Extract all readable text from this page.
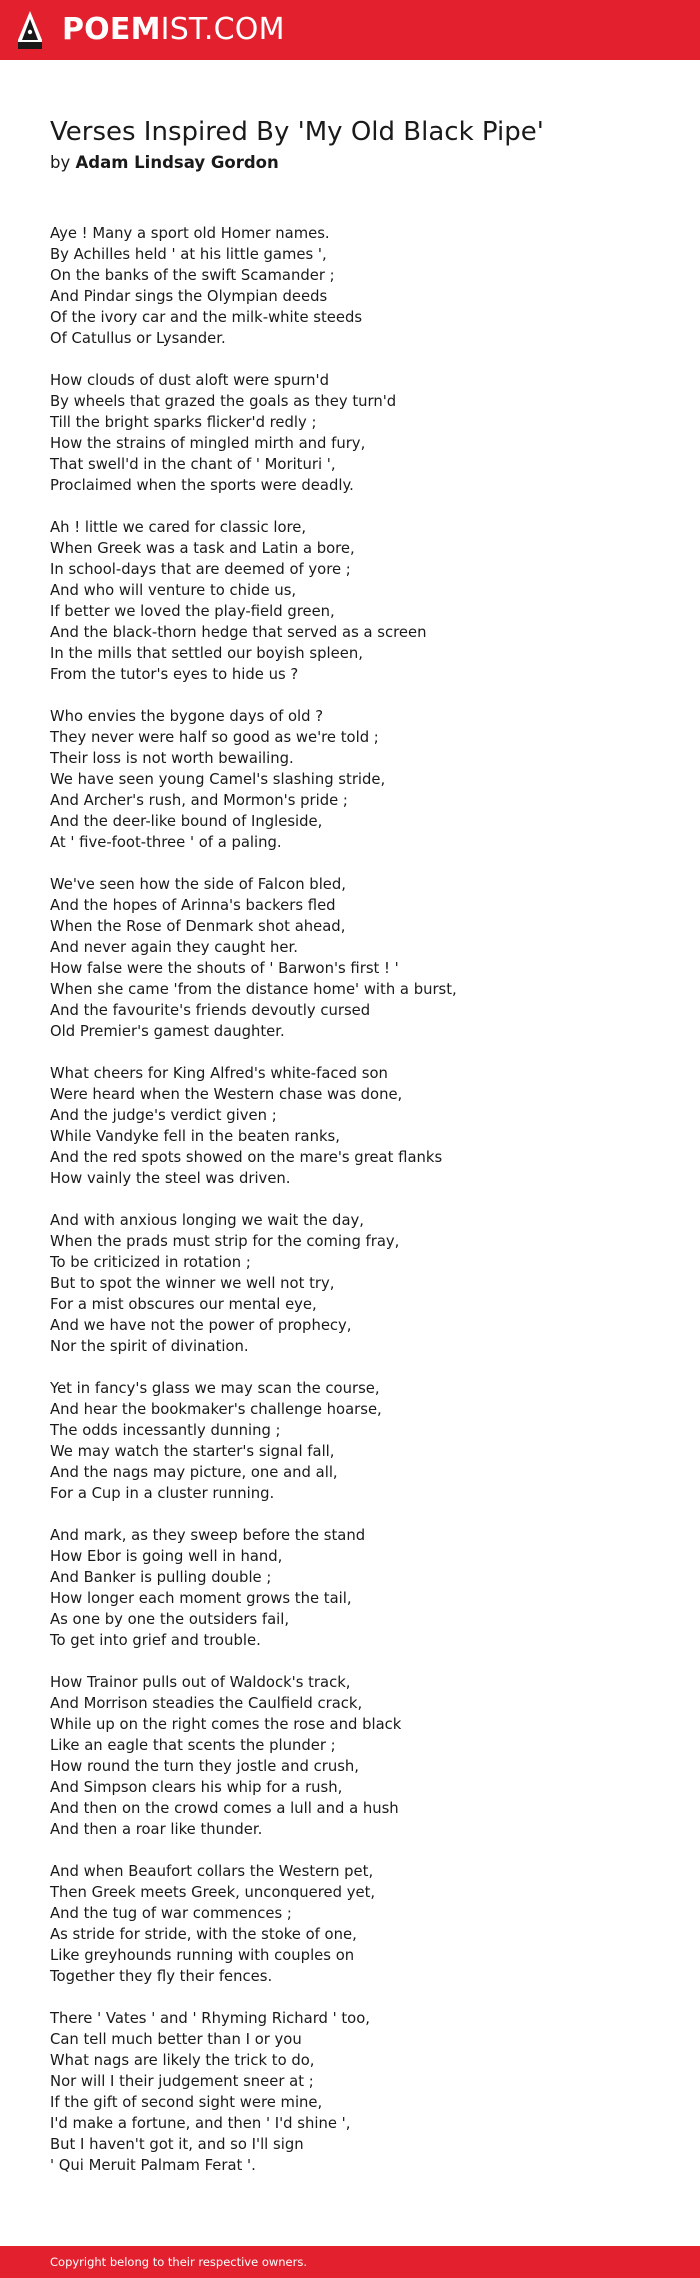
POEMIST.COM
Verses Inspired By 'My Old Black Pipe'
by Adam Lindsay Gordon
Aye ! Many a sport old Homer names.
By Achilles held ' at his little games ',
On the banks of the swift Scamander ;
And Pindar sings the Olympian deeds
Of the ivory car and the milk-white steeds
Of Catullus or Lysander.
How clouds of dust aloft were spurn'd
By wheels that grazed the goals as they turn'd
Till the bright sparks flicker'd redly ;
How the strains of mingled mirth and fury,
That swell'd in the chant of ' Morituri ',
Proclaimed when the sports were deadly.
Ah ! little we cared for classic lore,
When Greek was a task and Latin a bore,
In school-days that are deemed of yore ;
And who will venture to chide us,
If better we loved the play-field green,
And the black-thorn hedge that served as a screen
In the mills that settled our boyish spleen,
From the tutor's eyes to hide us ?
Who envies the bygone days of old ?
They never were half so good as we're told ;
Their loss is not worth bewailing.
We have seen young Camel's slashing stride,
And Archer's rush, and Mormon's pride ;
And the deer-like bound of Ingleside,
At ' five-foot-three ' of a paling.
We've seen how the side of Falcon bled,
And the hopes of Arinna's backers fled
When the Rose of Denmark shot ahead,
And never again they caught her.
How false were the shouts of ' Barwon's first ! '
When she came 'from the distance home' with a burst,
And the favourite's friends devoutly cursed
Old Premier's gamest daughter.
What cheers for King Alfred's white-faced son
Were heard when the Western chase was done,
And the judge's verdict given ;
While Vandyke fell in the beaten ranks,
And the red spots showed on the mare's great flanks
How vainly the steel was driven.
And with anxious longing we wait the day,
When the prads must strip for the coming fray,
To be criticized in rotation ;
But to spot the winner we well not try,
For a mist obscures our mental eye,
And we have not the power of prophecy,
Nor the spirit of divination.
Yet in fancy's glass we may scan the course,
And hear the bookmaker's challenge hoarse,
The odds incessantly dunning ;
We may watch the starter's signal fall,
And the nags may picture, one and all,
For a Cup in a cluster running.
And mark, as they sweep before the stand
How Ebor is going well in hand,
And Banker is pulling double ;
How longer each moment grows the tail,
As one by one the outsiders fail,
To get into grief and trouble.
How Trainor pulls out of Waldock's track,
And Morrison steadies the Caulfield crack,
While up on the right comes the rose and black
Like an eagle that scents the plunder ;
How round the turn they jostle and crush,
And Simpson clears his whip for a rush,
And then on the crowd comes a lull and a hush
And then a roar like thunder.
And when Beaufort collars the Western pet,
Then Greek meets Greek, unconquered yet,
And the tug of war commences ;
As stride for stride, with the stoke of one,
Like greyhounds running with couples on
Together they fly their fences.
There ' Vates ' and ' Rhyming Richard ' too,
Can tell much better than I or you
What nags are likely the trick to do,
Nor will I their judgement sneer at ;
If the gift of second sight were mine,
I'd make a fortune, and then ' I'd shine ',
But I haven't got it, and so I'll sign
' Qui Meruit Palmam Ferat '.
Copyright belong to their respective owners.
